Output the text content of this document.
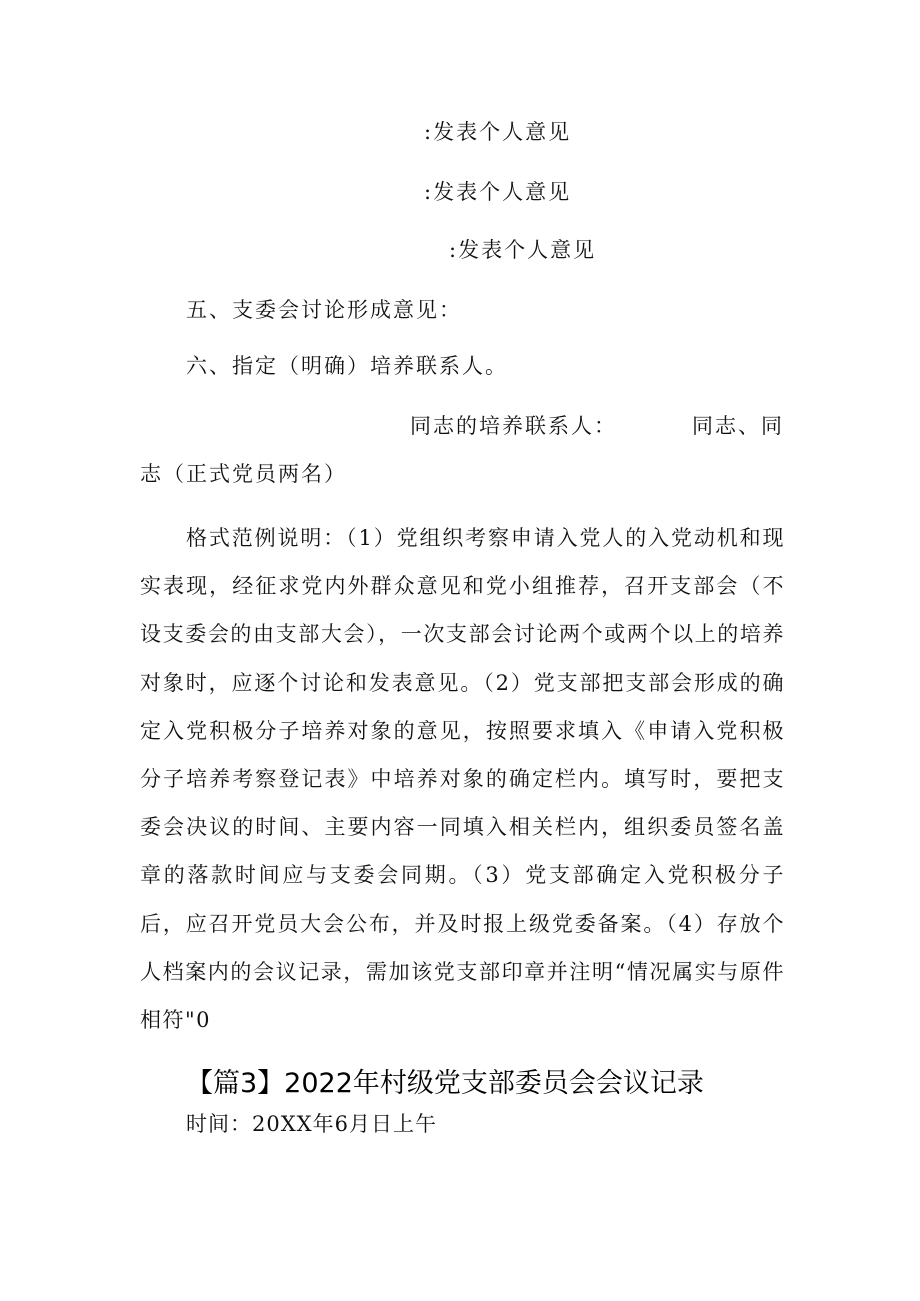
:发表个人意见
:发表个人意见
:发表个人意见
五、支委会讨论形成意见：
六、指定（明确）培养联系人。
同志的培养联系人：	同志、同
志（正式党员两名）

格式范例说明：（1）党组织考察申请入党人的入党动机和现实表现，经征求党内外群众意见和党小组推荐，召开支部会（不设支委会的由支部大会），一次支部会讨论两个或两个以上的培养对象时，应逐个讨论和发表意见。（2）党支部把支部会形成的确定入党积极分子培养对象的意见，按照要求填入《申请入党积极分子培养考察登记表》中培养对象的确定栏内。填写时，要把支委会决议的时间、主要内容一同填入相关栏内，组织委员签名盖章的落款时间应与支委会同期。（3）党支部确定入党积极分子后，应召开党员大会公布，并及时报上级党委备案。（4）存放个人档案内的会议记录，需加该党支部印章并注明“情况属实与原件相符"0

【篇3】2022年村级党支部委员会会议记录
时间：20XX年6月日上午
